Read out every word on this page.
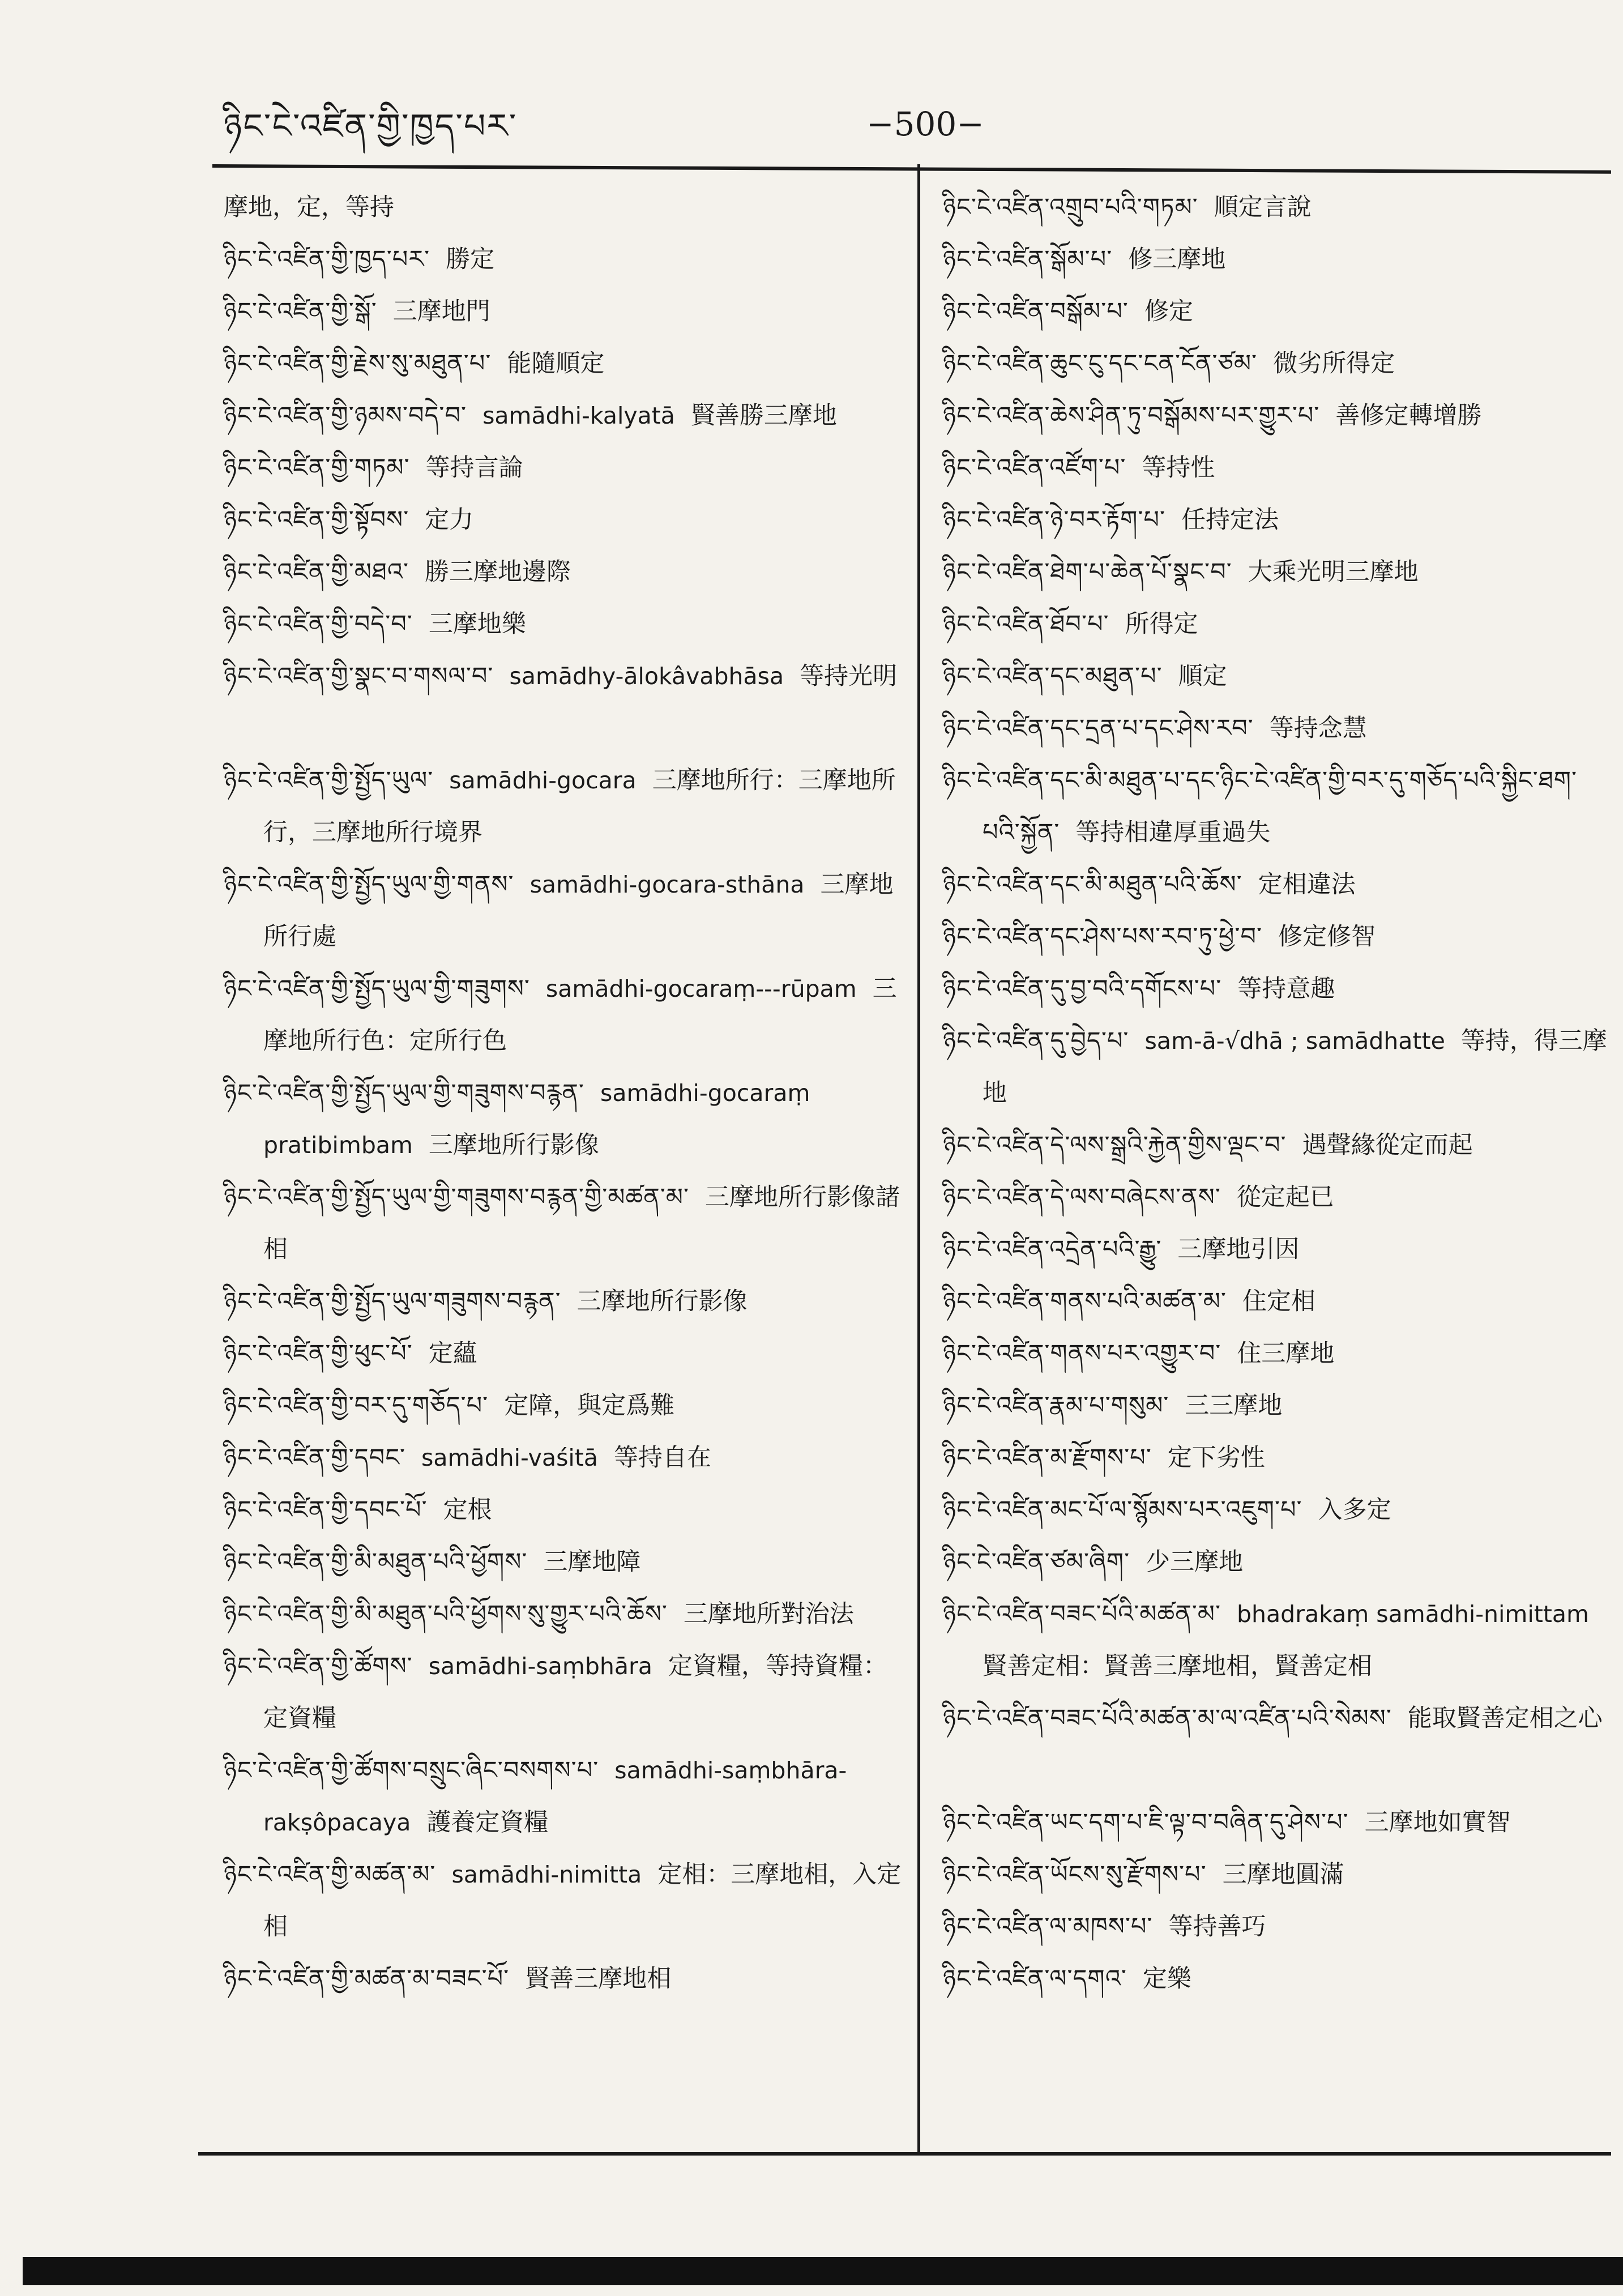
ཉིང་ངེ་འཛིན་གྱི་ཁྱད་པར་	−500−

摩地，定，等持

ཉིང་ངེ་འཛིན་གྱི་ཁྱད་པར་ 勝定

ཉིང་ངེ་འཛིན་གྱི་སྒོ་ 三摩地門

ཉིང་ངེ་འཛིན་གྱི་རྗེས་སུ་མཐུན་པ་ 能隨順定

ཉིང་ངེ་འཛིན་གྱི་ཉམས་བདེ་བ་ samādhi-kalyatā 賢善勝三摩地

ཉིང་ངེ་འཛིན་གྱི་གཏམ་ 等持言論

ཉིང་ངེ་འཛིན་གྱི་སྟོབས་ 定力

ཉིང་ངེ་འཛིན་གྱི་མཐའ་ 勝三摩地邊際

ཉིང་ངེ་འཛིན་གྱི་བདེ་བ་ 三摩地樂

ཉིང་ངེ་འཛིན་གྱི་སྣང་བ་གསལ་བ་ samādhy-ālokâvabhāsa 等持光明

ཉིང་ངེ་འཛིན་གྱི་སྤྱོད་ཡུལ་ samādhi-gocara 三摩地所行：三摩地所行，三摩地所行境界

ཉིང་ངེ་འཛིན་གྱི་སྤྱོད་ཡུལ་གྱི་གནས་ samādhi-gocara-sthāna 三摩地所行處

ཉིང་ངེ་འཛིན་གྱི་སྤྱོད་ཡུལ་གྱི་གཟུགས་ samādhi-gocaraṃ---rūpam 三摩地所行色：定所行色

ཉིང་ངེ་འཛིན་གྱི་སྤྱོད་ཡུལ་གྱི་གཟུགས་བརྙན་ samādhi-gocaraṃ pratibimbam 三摩地所行影像

ཉིང་ངེ་འཛིན་གྱི་སྤྱོད་ཡུལ་གྱི་གཟུགས་བརྙན་གྱི་མཚན་མ་ 三摩地所行影像諸相

ཉིང་ངེ་འཛིན་གྱི་སྤྱོད་ཡུལ་གཟུགས་བརྙན་ 三摩地所行影像

ཉིང་ངེ་འཛིན་གྱི་ཕུང་པོ་ 定蘊

ཉིང་ངེ་འཛིན་གྱི་བར་དུ་གཅོད་པ་ 定障，與定爲難

ཉིང་ངེ་འཛིན་གྱི་དབང་ samādhi-vaśitā 等持自在

ཉིང་ངེ་འཛིན་གྱི་དབང་པོ་ 定根

ཉིང་ངེ་འཛིན་གྱི་མི་མཐུན་པའི་ཕྱོགས་ 三摩地障

ཉིང་ངེ་འཛིན་གྱི་མི་མཐུན་པའི་ཕྱོགས་སུ་གྱུར་པའི་ཆོས་ 三摩地所對治法

ཉིང་ངེ་འཛིན་གྱི་ཚོགས་ samādhi-saṃbhāra 定資糧，等持資糧：定資糧

ཉིང་ངེ་འཛིན་གྱི་ཚོགས་བསྲུང་ཞིང་བསགས་པ་ samādhi-saṃbhāra-rakṣôpacaya 護養定資糧

ཉིང་ངེ་འཛིན་གྱི་མཚན་མ་ samādhi-nimitta 定相：三摩地相，入定相

ཉིང་ངེ་འཛིན་གྱི་མཚན་མ་བཟང་པོ་ 賢善三摩地相

ཉིང་ངེ་འཛིན་འགྲུབ་པའི་གཏམ་ 順定言說

ཉིང་ངེ་འཛིན་སྒོམ་པ་ 修三摩地

ཉིང་ངེ་འཛིན་བསྒོམ་པ་ 修定

ཉིང་ངེ་འཛིན་ཆུང་ངུ་དང་ངན་ངོན་ཙམ་ 微劣所得定

ཉིང་ངེ་འཛིན་ཆེས་ཤིན་ཏུ་བསྒོམས་པར་གྱུར་པ་ 善修定轉增勝

ཉིང་ངེ་འཛིན་འཛོག་པ་ 等持性

ཉིང་ངེ་འཛིན་ཉེ་བར་རྟོག་པ་ 任持定法

ཉིང་ངེ་འཛིན་ཐེག་པ་ཆེན་པོ་སྣང་བ་ 大乘光明三摩地

ཉིང་ངེ་འཛིན་ཐོབ་པ་ 所得定

ཉིང་ངེ་འཛིན་དང་མཐུན་པ་ 順定

ཉིང་ངེ་འཛིན་དང་དྲན་པ་དང་ཤེས་རབ་ 等持念慧

ཉིང་ངེ་འཛིན་དང་མི་མཐུན་པ་དང་ཉིང་ངེ་འཛིན་གྱི་བར་དུ་གཅོད་པའི་སྐྱིང་ཐག་པའི་སྐྱོན་ 等持相違厚重過失

ཉིང་ངེ་འཛིན་དང་མི་མཐུན་པའི་ཆོས་ 定相違法

ཉིང་ངེ་འཛིན་དང་ཤེས་པས་རབ་ཏུ་ཕྱེ་བ་ 修定修智

ཉིང་ངེ་འཛིན་དུ་བྱ་བའི་དགོངས་པ་ 等持意趣

ཉིང་ངེ་འཛིན་དུ་བྱེད་པ་ sam-ā-√dhā ; samādhatte 等持，得三摩地

ཉིང་ངེ་འཛིན་དེ་ལས་སྒྲའི་རྐྱེན་གྱིས་ལྡང་བ་ 遇聲緣從定而起

ཉིང་ངེ་འཛིན་དེ་ལས་བཞེངས་ནས་ 從定起已

ཉིང་ངེ་འཛིན་འདྲེན་པའི་རྒྱུ་ 三摩地引因

ཉིང་ངེ་འཛིན་གནས་པའི་མཚན་མ་ 住定相

ཉིང་ངེ་འཛིན་གནས་པར་འགྱུར་བ་ 住三摩地

ཉིང་ངེ་འཛིན་རྣམ་པ་གསུམ་ 三三摩地

ཉིང་ངེ་འཛིན་མ་རྫོགས་པ་ 定下劣性

ཉིང་ངེ་འཛིན་མང་པོ་ལ་སྙོམས་པར་འཇུག་པ་ 入多定

ཉིང་ངེ་འཛིན་ཙམ་ཞིག་ 少三摩地

ཉིང་ངེ་འཛིན་བཟང་པོའི་མཚན་མ་ bhadrakaṃ samādhi-nimittam賢善定相：賢善三摩地相，賢善定相

ཉིང་ངེ་འཛིན་བཟང་པོའི་མཚན་མ་ལ་འཛིན་པའི་སེམས་ 能取賢善定相之心

ཉིང་ངེ་འཛིན་ཡང་དག་པ་ཇི་ལྟ་བ་བཞིན་དུ་ཤེས་པ་ 三摩地如實智

ཉིང་ངེ་འཛིན་ཡོངས་སུ་རྫོགས་པ་ 三摩地圓滿

ཉིང་ངེ་འཛིན་ལ་མཁས་པ་ 等持善巧

ཉིང་ངེ་འཛིན་ལ་དགའ་ 定樂
